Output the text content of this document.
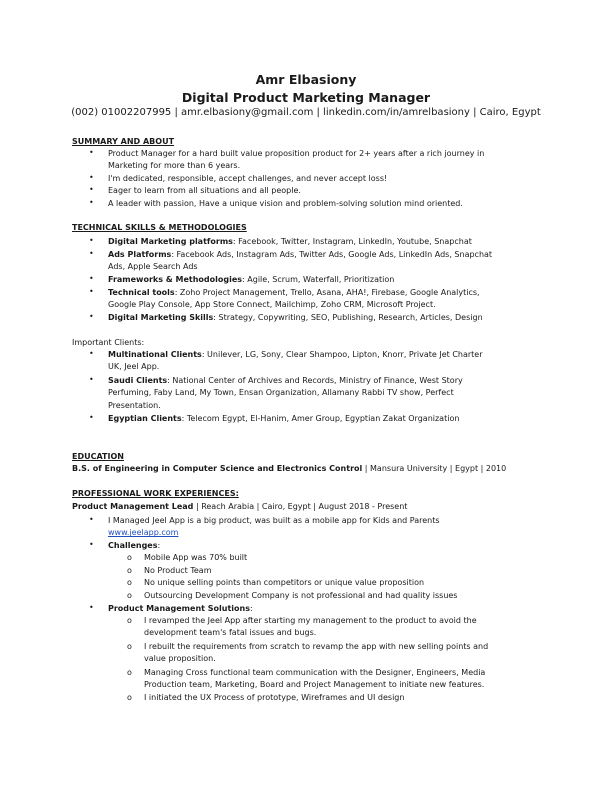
Amr Elbasiony
Digital Product Marketing Manager
(002) 01002207995 | amr.elbasiony@gmail.com | linkedin.com/in/amrelbasiony | Cairo, Egypt
SUMMARY AND ABOUT
• Product Manager for a hard built value proposition product for 2+ years after a rich journey in
Marketing for more than 6 years.
• I'm dedicated, responsible, accept challenges, and never accept loss!
• Eager to learn from all situations and all people.
• A leader with passion, Have a unique vision and problem-solving solution mind oriented.
TECHNICAL SKILLS & METHODOLOGIES
• Digital Marketing platforms: Facebook, Twitter, Instagram, LinkedIn, Youtube, Snapchat
• Ads Platforms: Facebook Ads, Instagram Ads, Twitter Ads, Google Ads, LinkedIn Ads, Snapchat
Ads, Apple Search Ads
• Frameworks & Methodologies: Agile, Scrum, Waterfall, Prioritization
• Technical tools: Zoho Project Management, Trello, Asana, AHA!, Firebase, Google Analytics,
Google Play Console, App Store Connect, Mailchimp, Zoho CRM, Microsoft Project.
• Digital Marketing Skills: Strategy, Copywriting, SEO, Publishing, Research, Articles, Design
Important Clients:
• Multinational Clients: Unilever, LG, Sony, Clear Shampoo, Lipton, Knorr, Private Jet Charter
UK, Jeel App.
• Saudi Clients: National Center of Archives and Records, Ministry of Finance, West Story
Perfuming, Faby Land, My Town, Ensan Organization, Allamany Rabbi TV show, Perfect
Presentation.
• Egyptian Clients: Telecom Egypt, El-Hanim, Amer Group, Egyptian Zakat Organization
EDUCATION
B.S. of Engineering in Computer Science and Electronics Control | Mansura University | Egypt | 2010
PROFESSIONAL WORK EXPERIENCES:
Product Management Lead | Reach Arabia | Cairo, Egypt | August 2018 - Present
• I Managed Jeel App is a big product, was built as a mobile app for Kids and Parents
www.jeelapp.com
• Challenges:
o Mobile App was 70% built
o No Product Team
o No unique selling points than competitors or unique value proposition
o Outsourcing Development Company is not professional and had quality issues
• Product Management Solutions:
o I revamped the Jeel App after starting my management to the product to avoid the
development team's fatal issues and bugs.
o I rebuilt the requirements from scratch to revamp the app with new selling points and
value proposition.
o Managing Cross functional team communication with the Designer, Engineers, Media
Production team, Marketing, Board and Project Management to initiate new features.
o I initiated the UX Process of prototype, Wireframes and UI design
